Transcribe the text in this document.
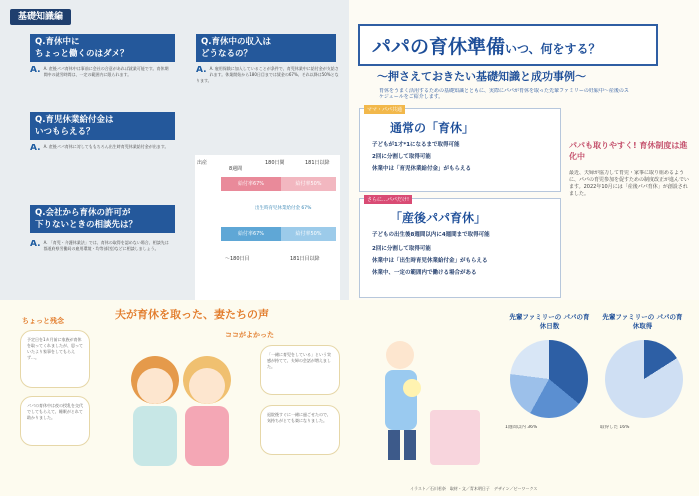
基礎知識編
Q.育休中に
ちょっと働くのはダメ？
A. A. 産後パパ育休中は事前に会社の合意があれば就業可能です。育休期間中の就労時間は、一定の範囲内に限られます。
Q.育児休業給付金は
いつもらえる？
A. A. 産後パパ育休に対してももちろん出生時育児休業給付金が出ます。
Q.会社から育休の許可が
下りないときの相談先は？
A. A. 「育児・介護休業法」では、育休の取得を認めない場合、相談先は都道府県労働局の雇用環境・均等部(室)などに相談しましょう。
Q.育休中の収入は
どうなるの？
A. A. 雇用保険に加入していることが条件で、育児休業中に給付金が支給されます。休業開始から180日目までは賃金の67%、それ以降は50%となります。
出産
8週間
180日間	181日以降
給付率67%	給付率50%
出生時育児休業給付金 67%
給付率67%	給付率50%
～180日目	181日目以降
パパの育休準備いつ、何をする？
～押さえておきたい基礎知識と成功事例～
育休をうまく活用するための基礎知識とともに、実際にパパが育休を取った先輩ファミリーの妊娠中～産後のスケジュールをご紹介します。
ママ・パパ共通
通常の「育休」
子どもが1才*1になるまで取得可能
2回に分割して取得可能
休業中は「育児休業給付金」がもらえる
さらに…パパだけ!
「産後パパ育休」
子どもの出生後8週間以内に4週間まで取得可能
2回に分割して取得可能
休業中は「出生時育児休業給付金」がもらえる
休業中、一定の範囲内で働ける場合がある
パパも取りやすく! 育休制度は進化中
最近、夫婦が協力して育児・家事に取り組めるように、パパの育児参加を促すための制度改正が進んでいます。2022年10月には「産後パパ育休」が創設されました。
夫が育休を取った、妻たちの声
ちょっと残念
ココがよかった
予定日を1カ月前に家族が育休を取ってくれましたが、思っていたより家事をしてもらえず…。
パパの育休中は夜の授乳を交代でしてもらえて、睡眠がとれて助かりました。
「一緒に育児をしている」という実感が持てて、夫婦の会話が増えました。
退院後すぐに一緒に過ごせたので、気持ちがとても楽になりました。
先輩ファミリーの パパの育休日数
先輩ファミリーの パパの育休取得
1週間以内 36%	取得した 16%
イラスト／石川若奈　取材・文／青木明日子　デザイン／ビーワークス
